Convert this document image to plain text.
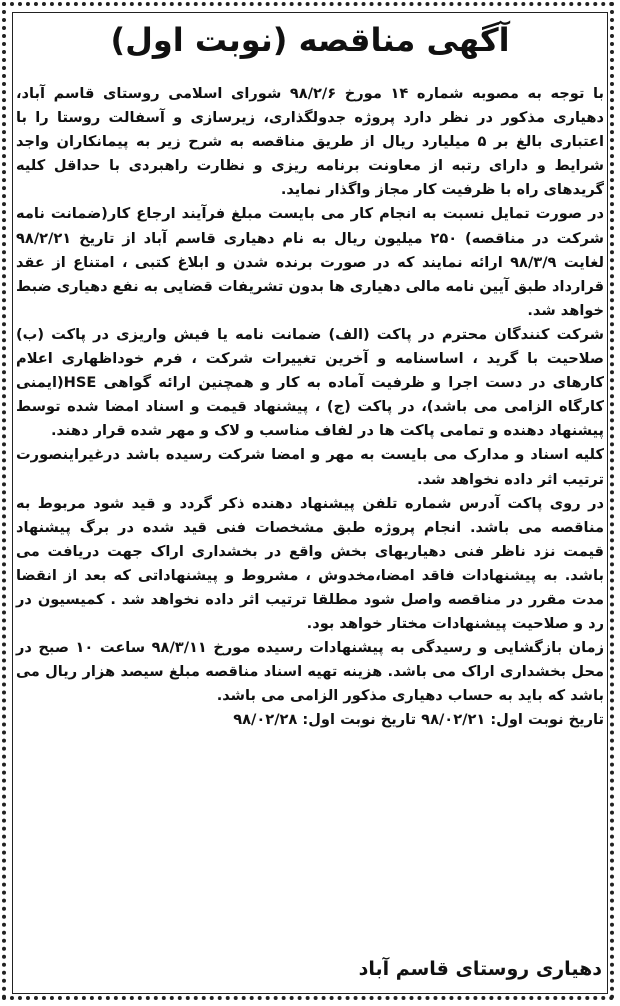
آگهی مناقصه (نوبت اول)

با توجه به مصوبه شماره ۱۴ مورخ ۹۸/۲/۶ شورای اسلامی روستای قاسم آباد، دهیاری مذکور در نظر دارد پروژه جدولگذاری، زیرسازی و آسفالت روستا را با اعتباری بالغ بر ۵ میلیارد ریال از طریق مناقصه به شرح زیر به پیمانکاران واجد شرایط و دارای رتبه از معاونت برنامه ریزی و نظارت راهبردی با حداقل کلیه گریدهای راه با ظرفیت کار مجاز واگذار نماید.

در صورت تمایل نسبت به انجام کار می بایست مبلغ فرآیند ارجاع کار(ضمانت نامه شرکت در مناقصه) ۲۵۰ میلیون ریال به نام دهیاری قاسم آباد از تاریخ ۹۸/۲/۲۱ لغایت ۹۸/۳/۹ ارائه نمایند که در صورت برنده شدن و ابلاغ کتبی ، امتناع از عقد قرارداد طبق آیین نامه مالی دهیاری ها بدون تشریفات قضایی به نفع دهیاری ضبط خواهد شد.

شرکت کنندگان محترم در پاکت (الف) ضمانت نامه یا فیش واریزی در پاکت (ب) صلاحیت با گرید ، اساسنامه و آخرین تغییرات شرکت ، فرم خوداظهاری اعلام کارهای در دست اجرا و ظرفیت آماده به کار و همچنین ارائه گواهی HSE(ایمنی کارگاه الزامی می باشد)، در پاکت (ج) ، پیشنهاد قیمت و اسناد امضا شده توسط پیشنهاد دهنده و تمامی پاکت ها در لفاف مناسب و لاک و مهر شده قرار دهند.

کلیه اسناد و مدارک می بایست به مهر و امضا شرکت رسیده باشد درغیراینصورت ترتیب اثر داده نخواهد شد.

در روی پاکت آدرس شماره تلفن پیشنهاد دهنده ذکر گردد و قید شود مربوط به مناقصه می باشد. انجام پروژه طبق مشخصات فنی قید شده در برگ پیشنهاد قیمت نزد ناظر فنی دهیاریهای بخش واقع در بخشداری اراک جهت دریافت می باشد. به پیشنهادات فاقد امضا،مخدوش ، مشروط و پیشنهاداتی که بعد از انقضا مدت مقرر در مناقصه واصل شود مطلقا ترتیب اثر داده نخواهد شد . کمیسیون در رد و صلاحیت پیشنهادات مختار خواهد بود.

زمان بازگشایی و رسیدگی به پیشنهادات رسیده مورخ ۹۸/۳/۱۱ ساعت ۱۰ صبح در محل بخشداری اراک می باشد. هزینه تهیه اسناد مناقصه مبلغ سیصد هزار ریال می باشد که باید به حساب دهیاری مذکور الزامی می باشد.

تاریخ نوبت اول: ۹۸/۰۲/۲۱ تاریخ نوبت اول: ۹۸/۰۲/۲۸

دهیاری روستای قاسم آباد
